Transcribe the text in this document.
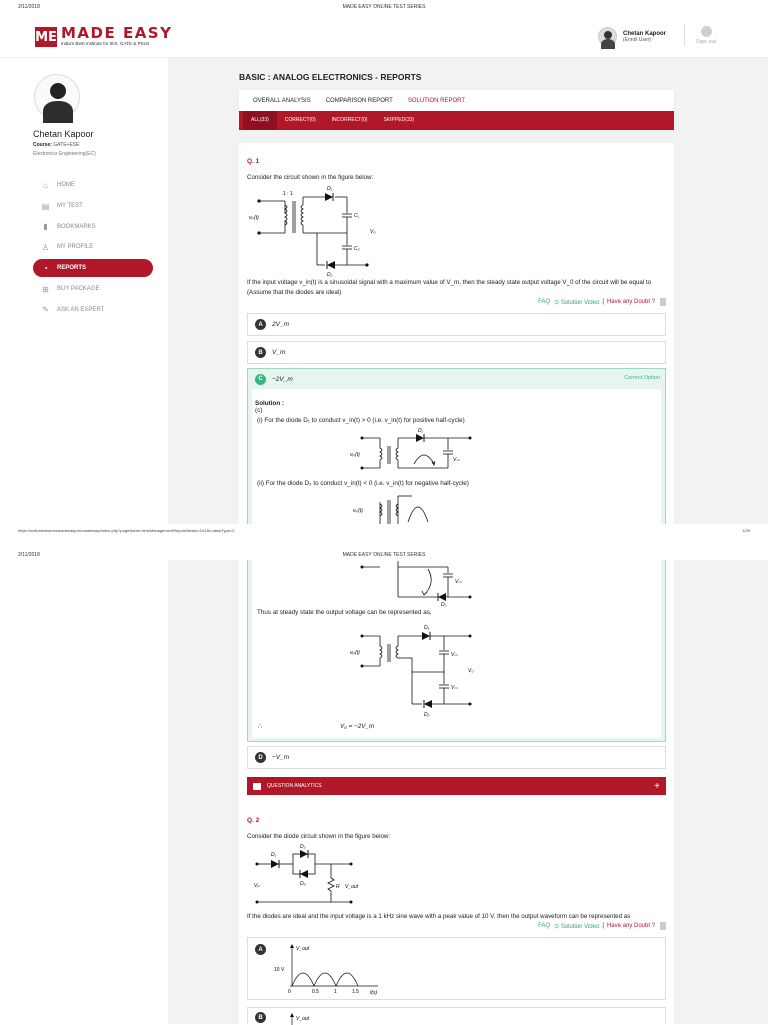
2/11/2018	MADE EASY ONLINE TEST SERIES
ME MADE EASY
India's Best Institute for IES, GATE & PSUs
Chetan Kapoor
(Enroll User)	Sign out
Chetan Kapoor
Course: GATE+ESE
Electronics Engineering(EC)
⌂	HOME
▤ MY TEST
▮	BOOKMARKS
♙ MY PROFILE
◔	REPORTS
⊞ BUY PACKAGE
✎ ASK AN EXPERT
BASIC : ANALOG ELECTRONICS - REPORTS
OVERALL ANALYSIS	COMPARISON REPORT	SOLUTION REPORT
ALL(33)	CORRECT(0)	INCORRECT(0)	SKIPPED(33)
Q. 1
Consider the circuit shown in the figure below:
1 : 1
D₁
D₂
C₁
C₂
V₀
vᵢₙ(t)
If the input voltage v_in(t) is a sinusoidal signal with a maximum value of V_m, then the steady state output voltage V_0 of the circuit will be equal to (Assume that the diodes are ideal)
FAQ ⊙ Solution Video | Have any Doubt ?
A	2V_m
B	V_m
C	−2V_m	Correct Option
Solution :
(c)
(i) For the diode D₁ to conduct v_in(t) > 0 (i.e. v_in(t) for positive half-cycle)
D₁
Vₘ
vᵢₙ(t)
(ii) For the diode D₂ to conduct v_in(t) < 0 (i.e. v_in(t) for negative half-cycle)
vᵢₙ(t)
https://onlinetestseriesmadeeasy.in/madeeasy/index.php?pageName=timeManagementReport&testid=191&t=atestType=2	1/29
2/11/2018	MADE EASY ONLINE TEST SERIES
Vₘ
D₂
Thus at steady state the output voltage can be represented as,
D₁
D₂
Vₘ
Vₘ
V₀
vᵢₙ(t)
∴	V₀ = −2V_m
D	−V_m
QUESTION ANALYTICS	+
Q. 2
Consider the diode circuit shown in the figure below:
D₁
D₂
D₃	R V_out
Vᵢₙ
If the diodes are ideal and the input voltage is a 1 kHz sine wave with a peak value of 10 V, then the output waveform can be represented as
FAQ ⊙ Solution Video | Have any Doubt ?
A	V_out
10 V
0	0.5	1	1.5 t(s)
B	V_out
